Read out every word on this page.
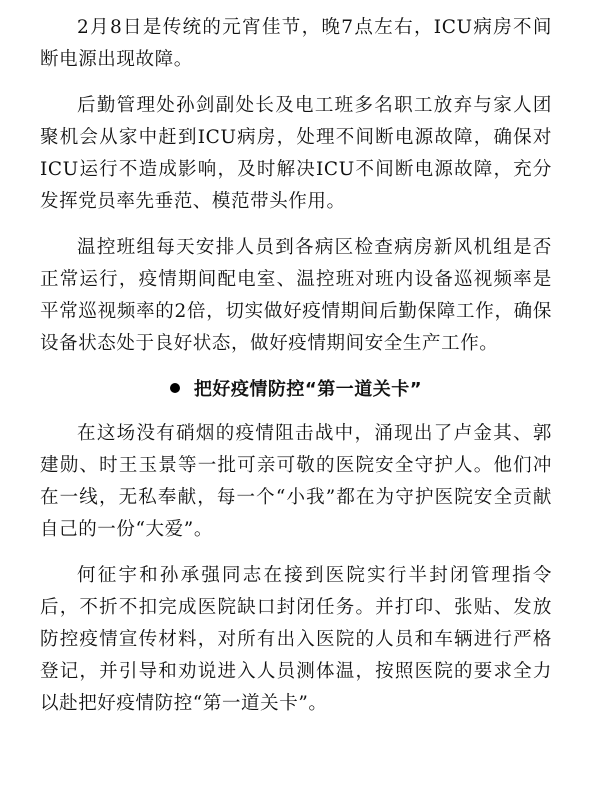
2月8日是传统的元宵佳节，晚7点左右，ICU病房不间断电源出现故障。

后勤管理处孙剑副处长及电工班多名职工放弃与家人团聚机会从家中赶到ICU病房，处理不间断电源故障，确保对ICU运行不造成影响，及时解决ICU不间断电源故障，充分发挥党员率先垂范、模范带头作用。

温控班组每天安排人员到各病区检查病房新风机组是否正常运行，疫情期间配电室、温控班对班内设备巡视频率是平常巡视频率的2倍，切实做好疫情期间后勤保障工作，确保设备状态处于良好状态，做好疫情期间安全生产工作。

把好疫情防控“第一道关卡”

在这场没有硝烟的疫情阻击战中，涌现出了卢金其、郭建勋、时王玉景等一批可亲可敬的医院安全守护人。他们冲在一线，无私奉献，每一个“小我”都在为守护医院安全贡献自己的一份“大爱”。

何征宇和孙承强同志在接到医院实行半封闭管理指令后，不折不扣完成医院缺口封闭任务。并打印、张贴、发放防控疫情宣传材料，对所有出入医院的人员和车辆进行严格登记，并引导和劝说进入人员测体温，按照医院的要求全力以赴把好疫情防控“第一道关卡”。
